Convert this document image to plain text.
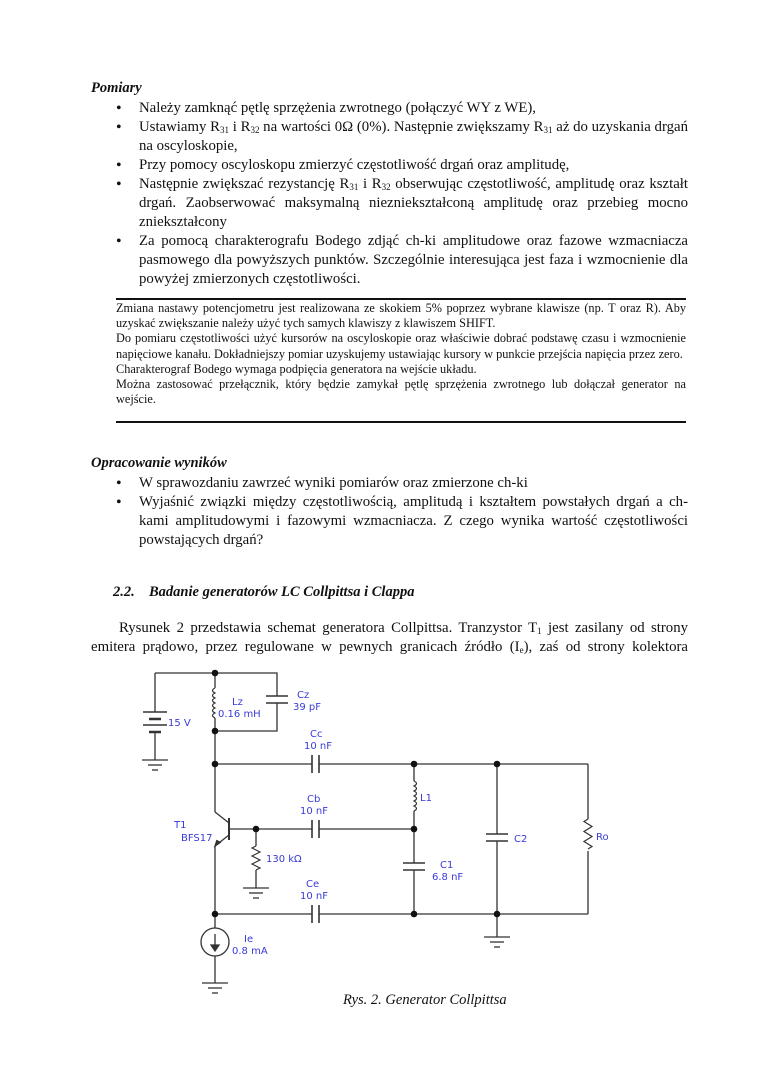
Pomiary
• Należy zamknąć pętlę sprzężenia zwrotnego (połączyć WY z WE),
• Ustawiamy $R_{31}$ i $R_{32}$ na wartości 0Ω (0%). Następnie zwiększamy $R_{31}$ aż do uzyskania drgań na oscyloskopie,
• Przy pomocy oscyloskopu zmierzyć częstotliwość drgań oraz amplitudę,
• Następnie zwiększać rezystancję $R_{31}$ i $R_{32}$ obserwując częstotliwość, amplitudę oraz kształt drgań. Zaobserwować maksymalną niezniekształconą amplitudę oraz przebieg mocno zniekształcony
• Za pomocą charakterografu Bodego zdjąć ch-ki amplitudowe oraz fazowe wzmacniacza pasmowego dla powyższych punktów. Szczególnie interesująca jest faza i wzmocnienie dla powyżej zmierzonych częstotliwości.
Zmiana nastawy potencjometru jest realizowana ze skokiem 5% poprzez wybrane klawisze (np. T oraz R). Aby uzyskać zwiększanie należy użyć tych samych klawiszy z klawiszem SHIFT.
Do pomiaru częstotliwości użyć kursorów na oscyloskopie oraz właściwie dobrać podstawę czasu i wzmocnienie napięciowe kanału. Dokładniejszy pomiar uzyskujemy ustawiając kursory w punkcie przejścia napięcia przez zero.
Charakterograf Bodego wymaga podpięcia generatora na wejście układu.
Można zastosować przełącznik, który będzie zamykał pętlę sprzężenia zwrotnego lub dołączał generator na wejście.
Opracowanie wyników
• W sprawozdaniu zawrzeć wyniki pomiarów oraz zmierzone ch-ki
• Wyjaśnić związki między częstotliwością, amplitudą i kształtem powstałych drgań a ch-kami amplitudowymi i fazowymi wzmacniacza. Z czego wynika wartość częstotliwości powstających drgań?
2.2. Badanie generatorów LC Collpittsa i Clappa
Rysunek 2 przedstawia schemat generatora Collpittsa. Tranzystor $T_1$ jest zasilany od strony emitera prądowo, przez regulowane w pewnych granicach źródło $(I_e)$, zaś od strony kolektora
15 V
Lz
0.16 mH
Cz
39 pF
Cc
10 nF
Cb
10 nF
Ce
10 nF
T1
BFS17
130 kΩ
L1
C1
6.8 nF
C2	Ro
Ie
0.8 mA
Rys. 2. Generator Collpittsa
